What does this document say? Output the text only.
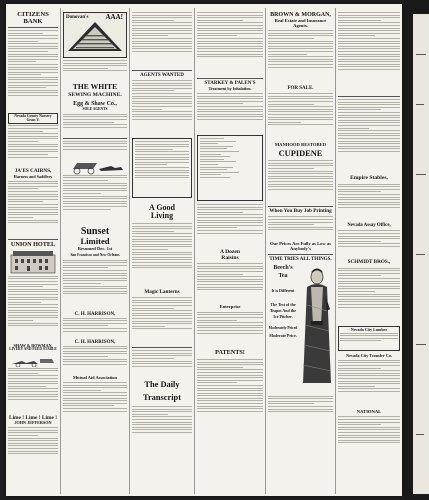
CITIZENS BANK
Nevada County Nursery Grass V.
JA'ES CAIRNS,
Harness and Saddlery
UNION HOTEL
SHAW & BOWMAN,
LIVERY AND FEED STABLE
Lime ! Lime ! Lime !
JOHN JEFFERSON
Donovan's AAA!
THE WHITE
SEWING MACHINE.
Egg & Shaw Co.,
SOLE AGENTS
Sunset
Limited
Resumed Dec. 1st
San Francisco and New Orleans
C. H. HARRISON,
C. H. HARRISON,
Mutual Aid Association
AGENTS WANTED
A Good
Living
Magic Lanterns
The Daily
Transcript
STARKEY & PALEN'S
Treatment by Inhalation.
A Dozen
Raisins
Enterprise
PATENTS!
BROWN & MORGAN,
Real Estate and Insurance Agents.
FOR SALE.
MANHOOD RESTORED
CUPIDENE
When You Buy Job Printing
Our Prices Are Fully as Low as Anybody's
TIME TRIES ALL THINGS.
Beech's
Tea
It is Different
The Test of the
Teapot And the
Ice Pitcher.
Moderately Priced
Moderate Price.
Empire Stables,
Nevada Assay Office,
SCHMIDT BROS.,
Nevada City Lumber
Nevada City Transfer Co.
NATIONAL
